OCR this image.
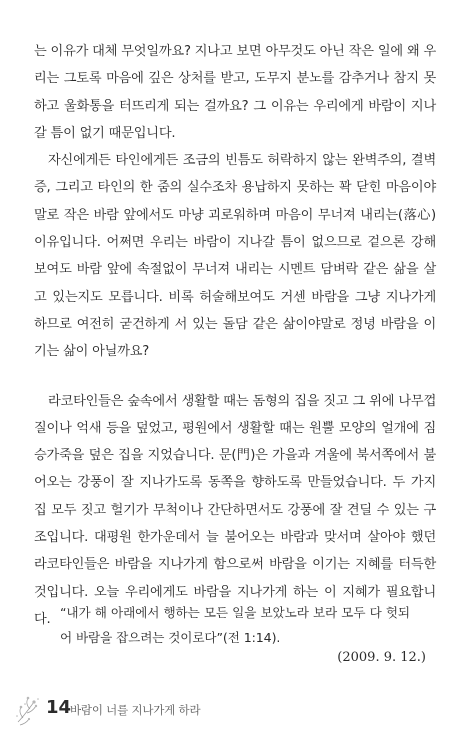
는 이유가 대체 무엇일까요? 지나고 보면 아무것도 아닌 작은 일에 왜 우리는 그토록 마음에 깊은 상처를 받고, 도무지 분노를 감추거나 참지 못하고 울화통을 터뜨리게 되는 걸까요? 그 이유는 우리에게 바람이 지나갈 틈이 없기 때문입니다.

자신에게든 타인에게든 조금의 빈틈도 허락하지 않는 완벽주의, 결벽증, 그리고 타인의 한 줌의 실수조차 용납하지 못하는 꽉 닫힌 마음이야말로 작은 바람 앞에서도 마냥 괴로워하며 마음이 무너져 내리는(落心) 이유입니다. 어쩌면 우리는 바람이 지나갈 틈이 없으므로 겉으론 강해 보여도 바람 앞에 속절없이 무너져 내리는 시멘트 담벼락 같은 삶을 살고 있는지도 모릅니다. 비록 허술해보여도 거센 바람을 그냥 지나가게 하므로 여전히 굳건하게 서 있는 돌담 같은 삶이야말로 정녕 바람을 이기는 삶이 아닐까요?

라코타인들은 숲속에서 생활할 때는 돔형의 집을 짓고 그 위에 나무껍질이나 억새 등을 덮었고, 평원에서 생활할 때는 원뿔 모양의 얼개에 짐승가죽을 덮은 집을 지었습니다. 문(門)은 가을과 겨울에 북서쪽에서 불어오는 강풍이 잘 지나가도록 동쪽을 향하도록 만들었습니다. 두 가지 집 모두 짓고 헐기가 무척이나 간단하면서도 강풍에 잘 견딜 수 있는 구조입니다. 대평원 한가운데서 늘 불어오는 바람과 맞서며 살아야 했던 라코타인들은 바람을 지나가게 함으로써 바람을 이기는 지혜를 터득한 것입니다. 오늘 우리에게도 바람을 지나가게 하는 이 지혜가 필요합니다. “내가 해 아래에서 행하는 모든 일을 보았노라 보라 모두 다 헛되어 바람을 잡으려는 것이로다”(전 1:14).

(2009. 9. 12.)

14
바람이 너를 지나가게 하라
